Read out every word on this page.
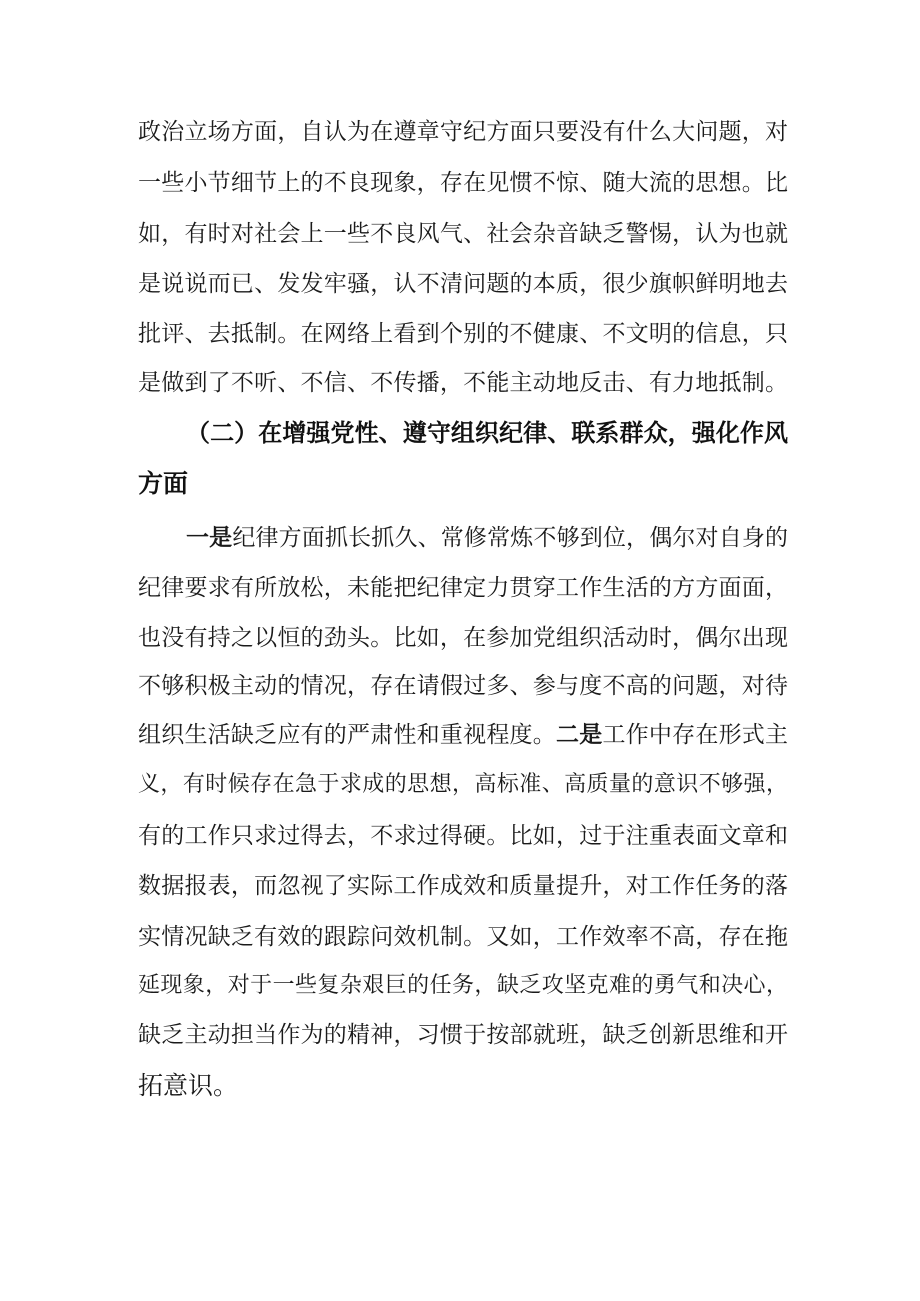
政治立场方面，自认为在遵章守纪方面只要没有什么大问题，对
一些小节细节上的不良现象，存在见惯不惊、随大流的思想。比
如，有时对社会上一些不良风气、社会杂音缺乏警惕，认为也就
是说说而已、发发牢骚，认不清问题的本质，很少旗帜鲜明地去
批评、去抵制。在网络上看到个别的不健康、不文明的信息，只
是做到了不听、不信、不传播，不能主动地反击、有力地抵制。
（二）在增强党性、遵守组织纪律、联系群众，强化作风
方面
一是纪律方面抓长抓久、常修常炼不够到位，偶尔对自身的
纪律要求有所放松，未能把纪律定力贯穿工作生活的方方面面，
也没有持之以恒的劲头。比如，在参加党组织活动时，偶尔出现
不够积极主动的情况，存在请假过多、参与度不高的问题，对待
组织生活缺乏应有的严肃性和重视程度。二是工作中存在形式主
义，有时候存在急于求成的思想，高标准、高质量的意识不够强，
有的工作只求过得去，不求过得硬。比如，过于注重表面文章和
数据报表，而忽视了实际工作成效和质量提升，对工作任务的落
实情况缺乏有效的跟踪问效机制。又如，工作效率不高，存在拖
延现象，对于一些复杂艰巨的任务，缺乏攻坚克难的勇气和决心，
缺乏主动担当作为的精神，习惯于按部就班，缺乏创新思维和开
拓意识。
